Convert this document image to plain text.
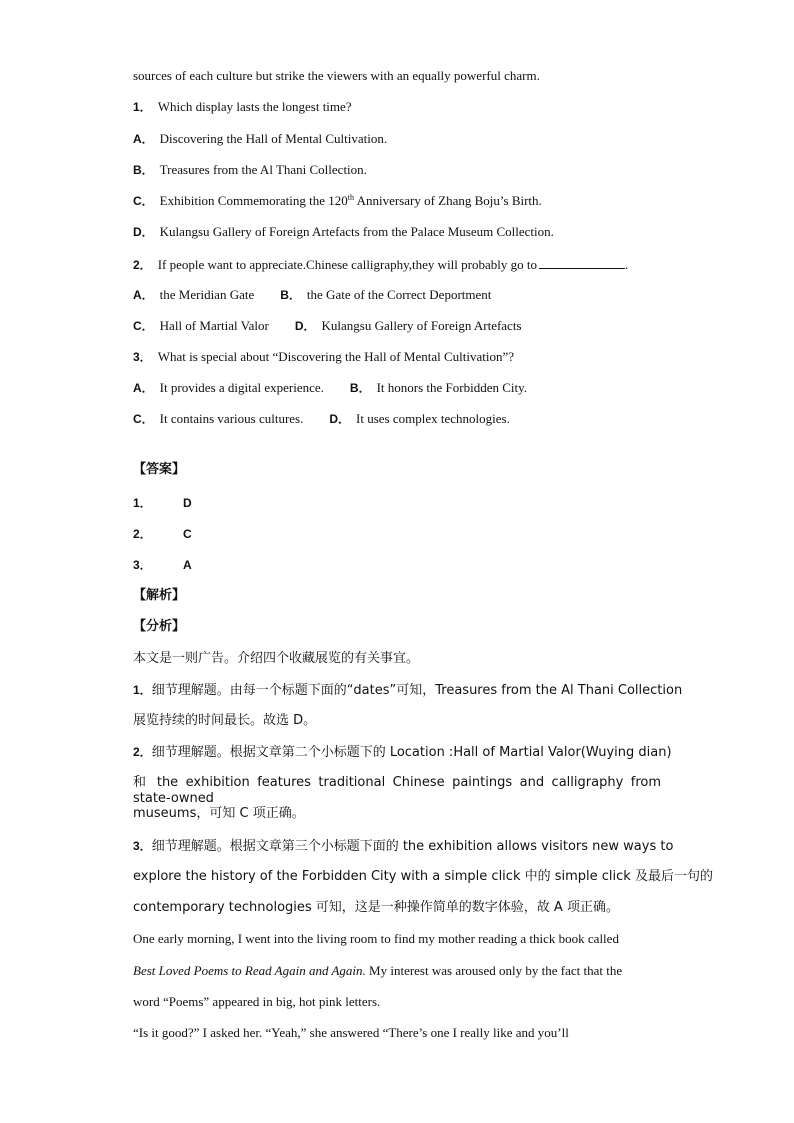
sources of each culture but strike the viewers with an equally powerful charm.
1． Which display lasts the longest time?
A． Discovering the Hall of Mental Cultivation.
B． Treasures from the Al Thani Collection.
C． Exhibition Commemorating the 120th Anniversary of Zhang Boju’s Birth.
D． Kulangsu Gallery of Foreign Artefacts from the Palace Museum Collection.
2． If people want to appreciate.Chinese calligraphy,they will probably go to	.
A． the Meridian Gate B． the Gate of the Correct Deportment
C． Hall of Martial Valor D． Kulangsu Gallery of Foreign Artefacts
3． What is special about “Discovering the Hall of Mental Cultivation”?
A． It provides a digital experience. B． It honors the Forbidden City.
C． It contains various cultures. D． It uses complex technologies.
【答案】
1．	D
2．	C
3．	A
【解析】
【分析】
本文是一则广告。介绍四个收藏展览的有关事宜。
1．细节理解题。由每一个标题下面的“dates”可知，Treasures from the Al Thani Collection
展览持续的时间最长。故选 D。
2．细节理解题。根据文章第二个小标题下的 Location :Hall of Martial Valor(Wuying dian)
和 the exhibition features traditional Chinese paintings and calligraphy from state-owned
museums，可知 C 项正确。
3．细节理解题。根据文章第三个小标题下面的 the exhibition allows visitors new ways to
explore the history of the Forbidden City with a simple click 中的 simple click 及最后一句的
contemporary technologies 可知，这是一种操作简单的数字体验，故 A 项正确。
One early morning, I went into the living room to find my mother reading a thick book called
Best Loved Poems to Read Again and Again. My interest was aroused only by the fact that the
word “Poems” appeared in big, hot pink letters.
“Is it good?” I asked her. “Yeah,” she answered “There’s one I really like and you’ll
